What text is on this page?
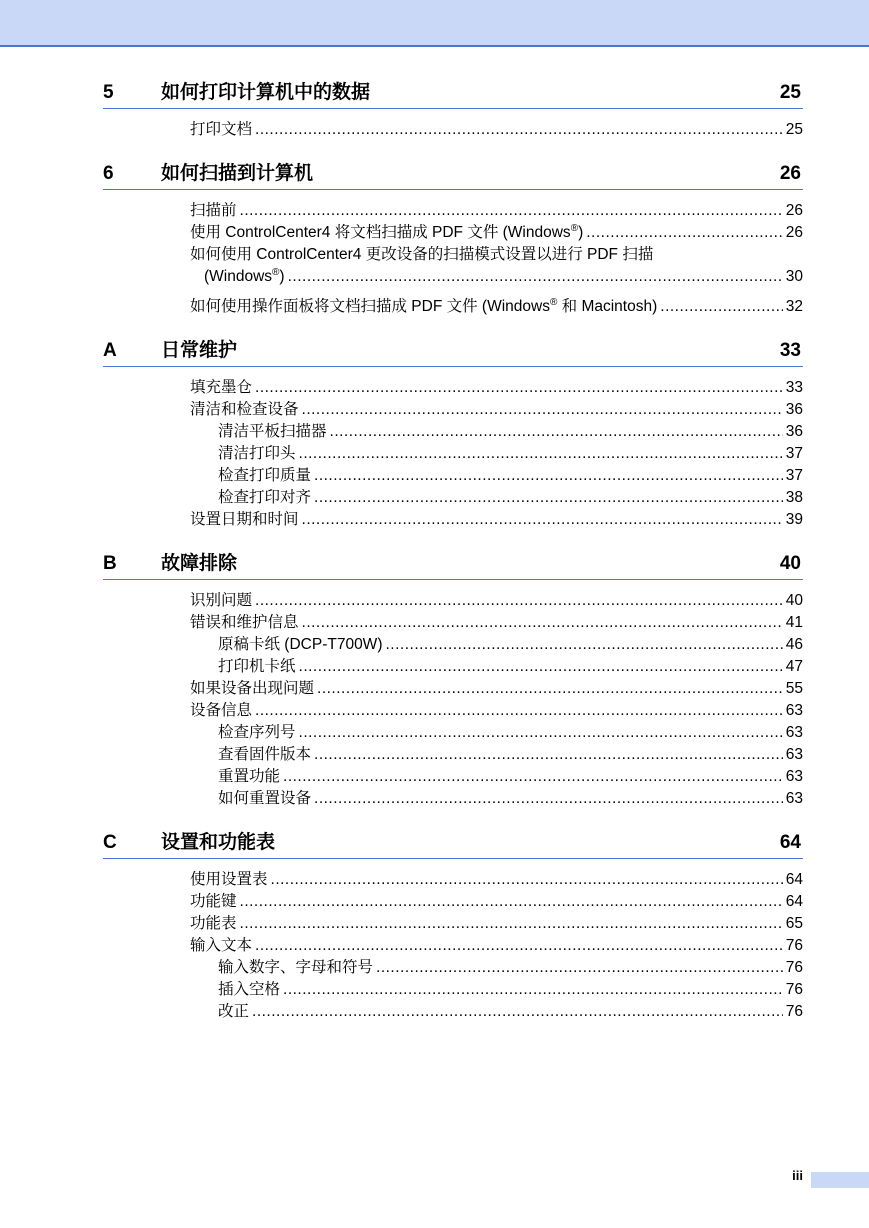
5	如何打印计算机中的数据	25
打印文档 .....	25
6	如何扫描到计算机	26
扫描前 .....	26
使用 ControlCenter4 将文档扫描成 PDF 文件 (Windows®) .....	26
如何使用 ControlCenter4 更改设备的扫描模式设置以进行 PDF 扫描
(Windows®) .....	30
如何使用操作面板将文档扫描成 PDF 文件 (Windows® 和 Macintosh) .....	32
A	日常维护	33
填充墨仓 .....	33
清洁和检查设备 .....	36
清洁平板扫描器 .....	36
清洁打印头 .....	37
检查打印质量 .....	37
检查打印对齐 .....	38
设置日期和时间 .....	39
B	故障排除	40
识别问题 .....	40
错误和维护信息 .....	41
原稿卡纸 (DCP-T700W) .....	46
打印机卡纸 .....	47
如果设备出现问题 .....	55
设备信息 .....	63
检查序列号 .....	63
查看固件版本 .....	63
重置功能 .....	63
如何重置设备 .....	63
C	设置和功能表	64
使用设置表 .....	64
功能键 .....	64
功能表 .....	65
输入文本 .....	76
输入数字、字母和符号 .....	76
插入空格 .....	76
改正 .....	76
iii
